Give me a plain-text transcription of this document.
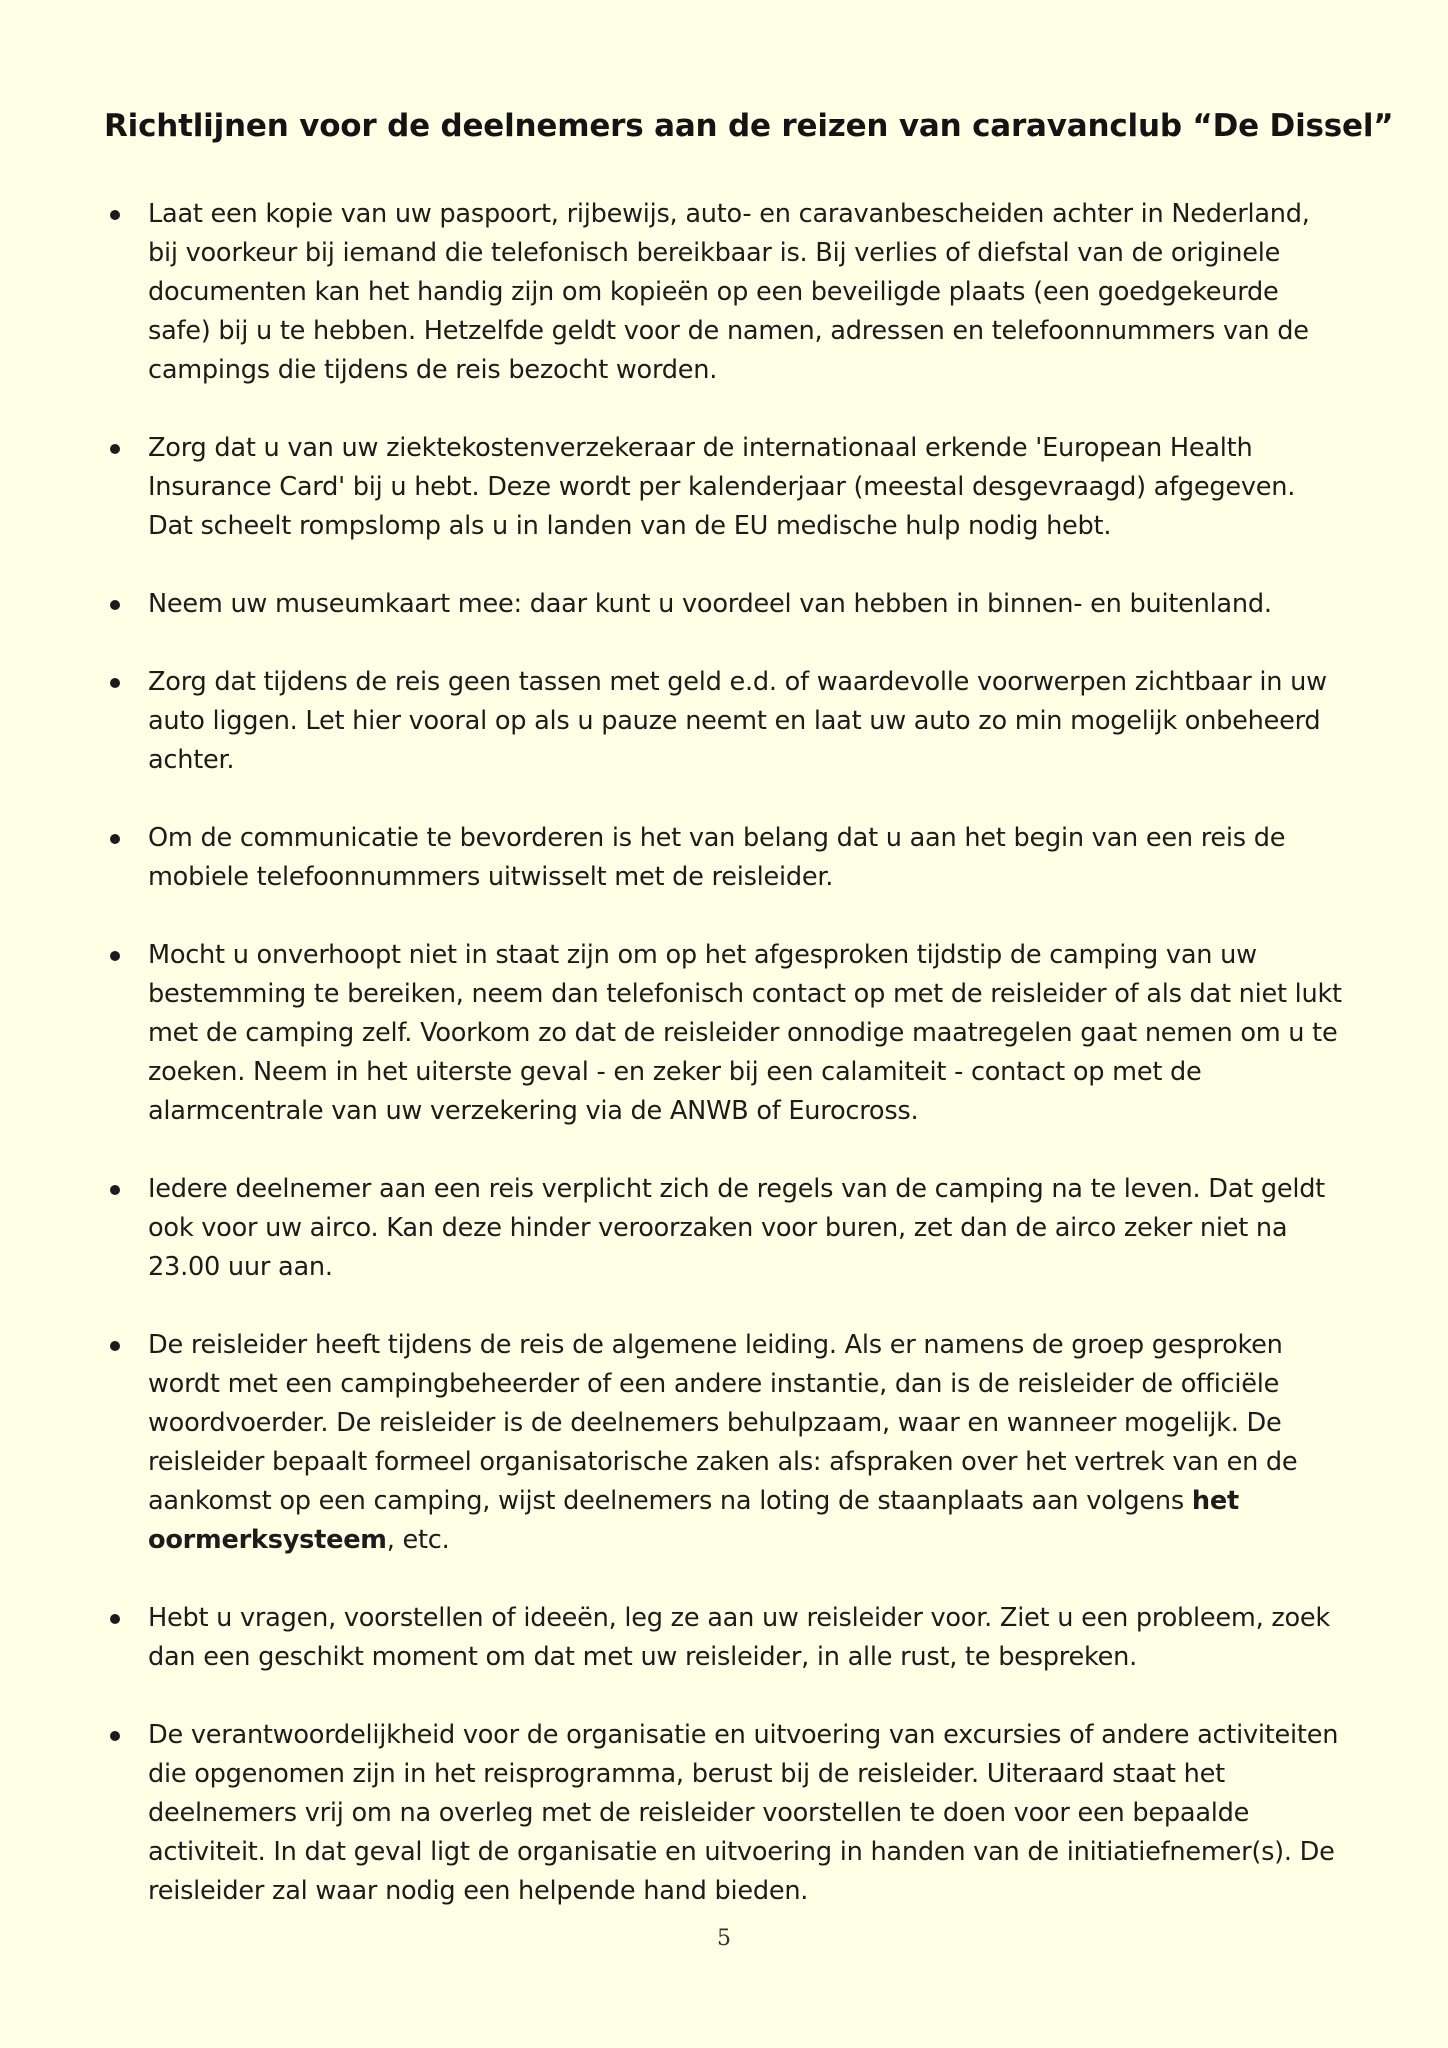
Richtlijnen voor de deelnemers aan de reizen van caravanclub “De Dissel”
Laat een kopie van uw paspoort, rijbewijs, auto- en caravanbescheiden achter in Nederland, bij voorkeur bij iemand die telefonisch bereikbaar is. Bij verlies of diefstal van de originele documenten kan het handig zijn om kopieën op een beveiligde plaats (een goedgekeurde safe) bij u te hebben. Hetzelfde geldt voor de namen, adressen en telefoonnummers van de campings die tijdens de reis bezocht worden.
Zorg dat u van uw ziektekostenverzekeraar de internationaal erkende 'European Health Insurance Card' bij u hebt. Deze wordt per kalenderjaar (meestal desgevraagd) afgegeven. Dat scheelt rompslomp als u in landen van de EU medische hulp nodig hebt.
Neem uw museumkaart mee: daar kunt u voordeel van hebben in binnen- en buitenland.
Zorg dat tijdens de reis geen tassen met geld e.d. of waardevolle voorwerpen zichtbaar in uw auto liggen. Let hier vooral op als u pauze neemt en laat uw auto zo min mogelijk onbeheerd achter.
Om de communicatie te bevorderen is het van belang dat u aan het begin van een reis de mobiele telefoonnummers uitwisselt met de reisleider.
Mocht u onverhoopt niet in staat zijn om op het afgesproken tijdstip de camping van uw bestemming te bereiken, neem dan telefonisch contact op met de reisleider of als dat niet lukt met de camping zelf. Voorkom zo dat de reisleider onnodige maatregelen gaat nemen om u te zoeken. Neem in het uiterste geval - en zeker bij een calamiteit - contact op met de alarmcentrale van uw verzekering via de ANWB of Eurocross.
Iedere deelnemer aan een reis verplicht zich de regels van de camping na te leven. Dat geldt ook voor uw airco. Kan deze hinder veroorzaken voor buren, zet dan de airco zeker niet na 23.00 uur aan.
De reisleider heeft tijdens de reis de algemene leiding. Als er namens de groep gesproken wordt met een campingbeheerder of een andere instantie, dan is de reisleider de officiële woordvoerder. De reisleider is de deelnemers behulpzaam, waar en wanneer mogelijk. De reisleider bepaalt formeel organisatorische zaken als: afspraken over het vertrek van en de aankomst op een camping, wijst deelnemers na loting de staanplaats aan volgens het oormerksysteem, etc.
Hebt u vragen, voorstellen of ideeën, leg ze aan uw reisleider voor. Ziet u een probleem, zoek dan een geschikt moment om dat met uw reisleider, in alle rust, te bespreken.
De verantwoordelijkheid voor de organisatie en uitvoering van excursies of andere activiteiten die opgenomen zijn in het reisprogramma, berust bij de reisleider. Uiteraard staat het deelnemers vrij om na overleg met de reisleider voorstellen te doen voor een bepaalde activiteit. In dat geval ligt de organisatie en uitvoering in handen van de initiatiefnemer(s). De reisleider zal waar nodig een helpende hand bieden.
5
